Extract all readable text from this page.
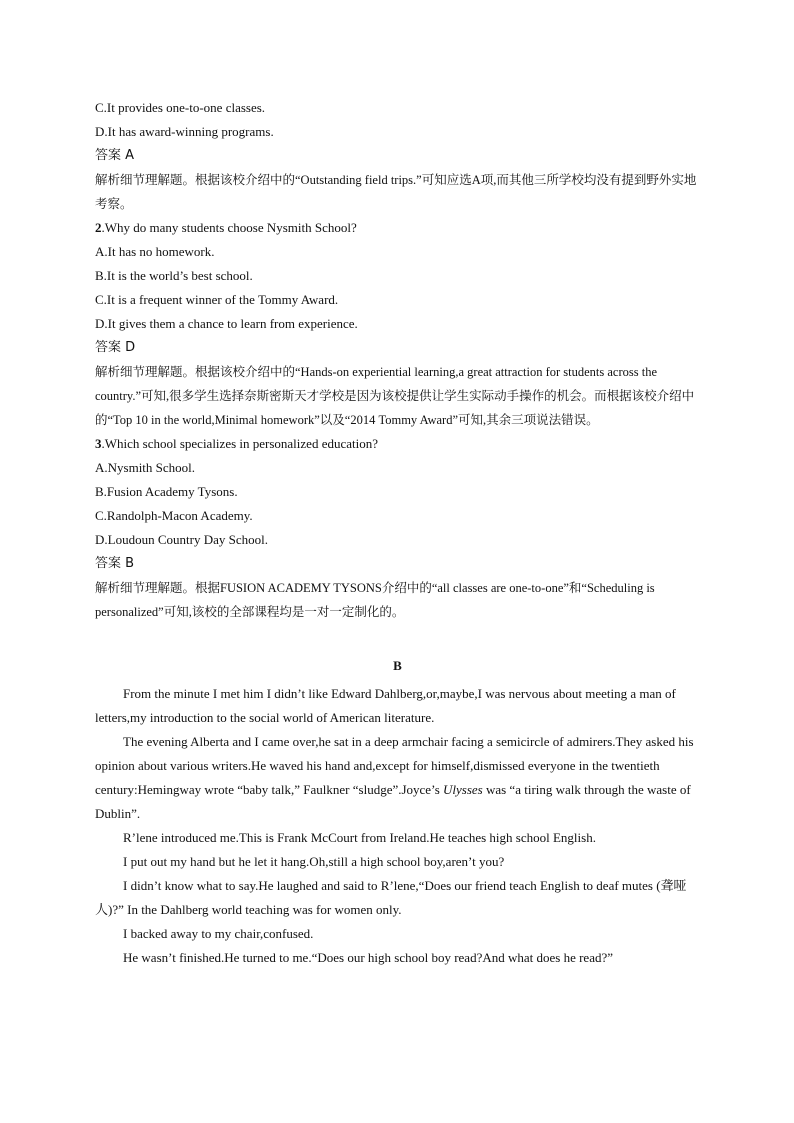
C.It provides one-to-one classes.
D.It has award-winning programs.
答案 A
解析细节理解题。根据该校介绍中的“Outstanding field trips.”可知应选A项,而其他三所学校均没有提到野外实地考察。
2.Why do many students choose Nysmith School?
A.It has no homework.
B.It is the world’s best school.
C.It is a frequent winner of the Tommy Award.
D.It gives them a chance to learn from experience.
答案 D
解析细节理解题。根据该校介绍中的“Hands-on experiential learning,a great attraction for students across the country.”可知,很多学生选择奈斯密斯天才学校是因为该校提供让学生实际动手操作的机会。而根据该校介绍中的“Top 10 in the world,Minimal homework”以及“2014 Tommy Award”可知,其余三项说法错误。
3.Which school specializes in personalized education?
A.Nysmith School.
B.Fusion Academy Tysons.
C.Randolph-Macon Academy.
D.Loudoun Country Day School.
答案 B
解析细节理解题。根据FUSION ACADEMY TYSONS介绍中的“all classes are one-to-one”和“Scheduling is personalized”可知,该校的全部课程均是一对一定制化的。
B
From the minute I met him I didn’t like Edward Dahlberg,or,maybe,I was nervous about meeting a man of letters,my introduction to the social world of American literature.
The evening Alberta and I came over,he sat in a deep armchair facing a semicircle of admirers.They asked his opinion about various writers.He waved his hand and,except for himself,dismissed everyone in the twentieth century:Hemingway wrote “baby talk,” Faulkner “sludge”.Joyce’s Ulysses was “a tiring walk through the waste of Dublin”.
R’lene introduced me.This is Frank McCourt from Ireland.He teaches high school English.
I put out my hand but he let it hang.Oh,still a high school boy,aren’t you?
I didn’t know what to say.He laughed and said to R’lene,“Does our friend teach English to deaf mutes (聋哑人)?” In the Dahlberg world teaching was for women only.
I backed away to my chair,confused.
He wasn’t finished.He turned to me.“Does our high school boy read?And what does he read?”
